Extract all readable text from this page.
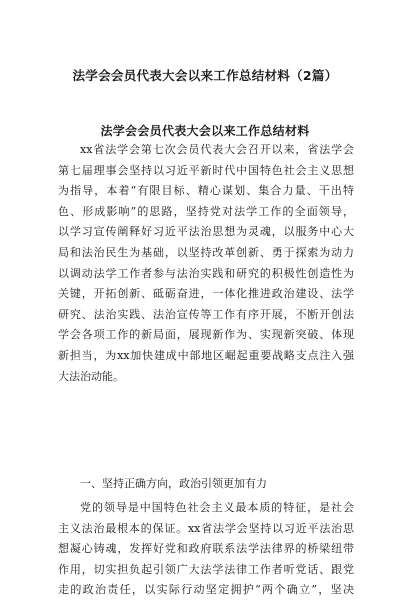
法学会会员代表大会以来工作总结材料（2篇）
法学会会员代表大会以来工作总结材料
xx省法学会第七次会员代表大会召开以来，省法学会
第七届理事会坚持以习近平新时代中国特色社会主义思想
为指导，本着“有限目标、精心谋划、集合力量、干出特
色、形成影响”的思路，坚持党对法学工作的全面领导，
以学习宣传阐释好习近平法治思想为灵魂，以服务中心大
局和法治民生为基础，以坚持改革创新、勇于探索为动力
以调动法学工作者参与法治实践和研究的积极性创造性为
关键，开拓创新、砥砺奋进，一体化推进政治建设、法学
研究、法治实践、法治宣传等工作有序开展，不断开创法
学会各项工作的新局面，展现新作为、实现新突破、体现
新担当，为xx加快建成中部地区崛起重要战略支点注入强
大法治动能。
一、坚持正确方向，政治引领更加有力
党的领导是中国特色社会主义最本质的特征，是社会
主义法治最根本的保证。xx省法学会坚持以习近平法治思
想凝心铸魂，发挥好党和政府联系法学法律界的桥梁纽带
作用，切实担负起引领广大法学法律工作者听党话、跟党
走的政治责任，以实际行动坚定拥护“两个确立”，坚决
